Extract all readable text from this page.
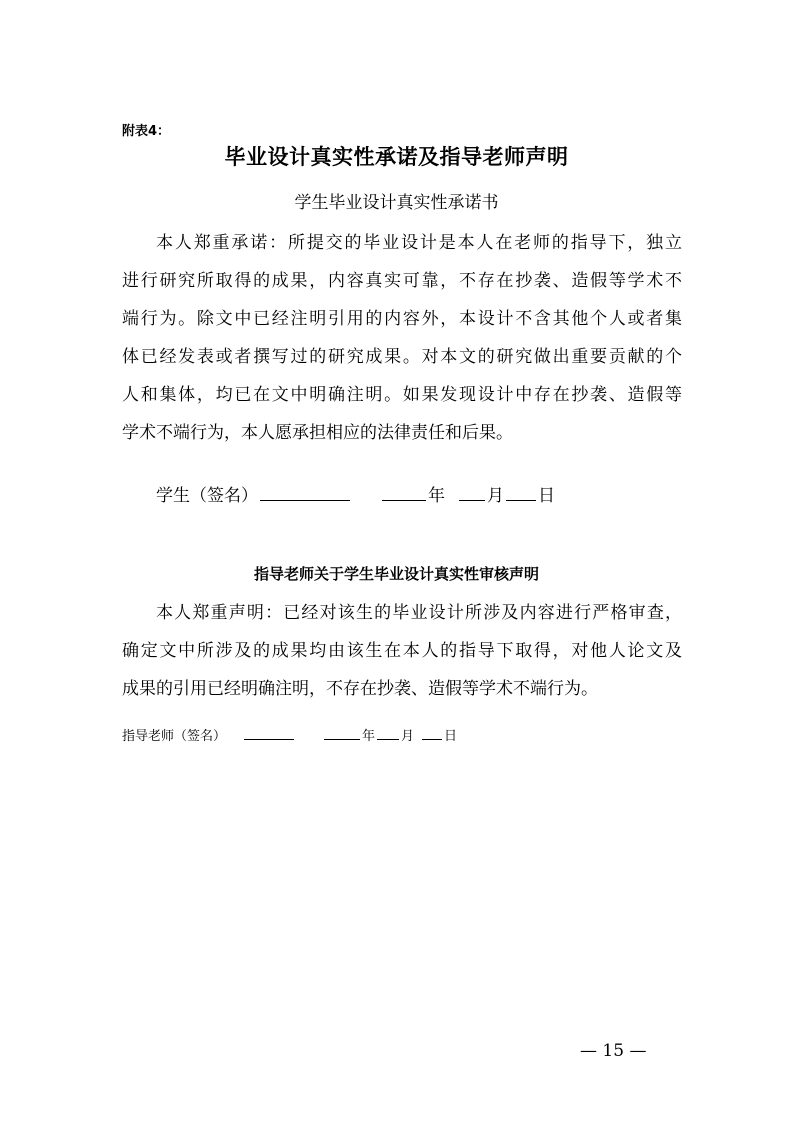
附表4：
毕业设计真实性承诺及指导老师声明
学生毕业设计真实性承诺书
本人郑重承诺：所提交的毕业设计是本人在老师的指导下，独立
进行研究所取得的成果，内容真实可靠，不存在抄袭、造假等学术不
端行为。除文中已经注明引用的内容外，本设计不含其他个人或者集
体已经发表或者撰写过的研究成果。对本文的研究做出重要贡献的个
人和集体，均已在文中明确注明。如果发现设计中存在抄袭、造假等
学术不端行为，本人愿承担相应的法律责任和后果。
学生（签名）	年 月 日
指导老师关于学生毕业设计真实性审核声明
本人郑重声明：已经对该生的毕业设计所涉及内容进行严格审查，
确定文中所涉及的成果均由该生在本人的指导下取得，对他人论文及
成果的引用已经明确注明，不存在抄袭、造假等学术不端行为。
指导老师（签名）	年 月 日
— 15 —
